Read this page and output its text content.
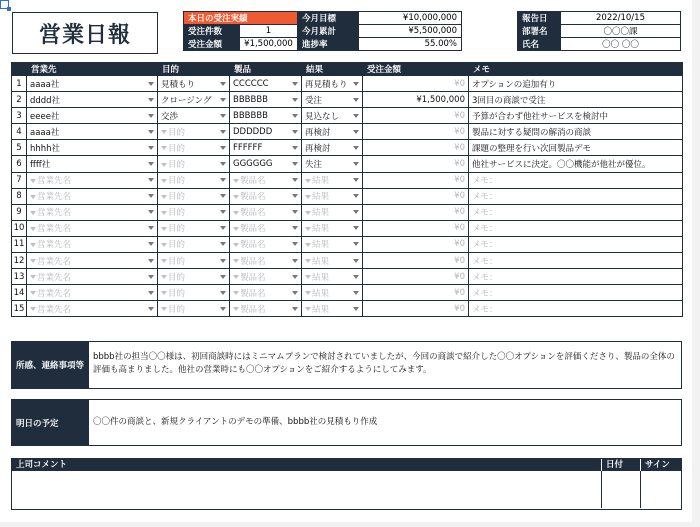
営業日報
本日の受注実績		今月目標	¥10,000,000
受注件数	1	今月累計	¥5,500,000
受注金額	¥1,500,000	進捗率	55.00%
報告日	2022/10/15
部署名	〇〇〇課
氏名	〇〇 〇〇
	営業先	目的	製品	結果	受注金額	メモ
1	aaaa社	見積もり	CCCCCC	再見積もり	¥0	オプションの追加有り
2	dddd社	クロージング	BBBBBB	受注	¥1,500,000	3回目の商談で受注
3	eeee社	交渉	BBBBBB	見込なし	¥0	予算が合わず他社サービスを検討中
4	aaaa社	目的	DDDDDD	再検討	¥0	製品に対する疑問の解消の商談
5	hhhh社	目的	FFFFFF	再検討	¥0	課題の整理を行い次回製品デモ
6	ffff社	目的	GGGGGG	失注	¥0	他社サービスに決定。〇〇機能が他社が優位。
7	営業先名	目的	製品名	結果	¥0	メモ：
8	営業先名	目的	製品名	結果	¥0	メモ：
9	営業先名	目的	製品名	結果	¥0	メモ：
10	営業先名	目的	製品名	結果	¥0	メモ：
11	営業先名	目的	製品名	結果	¥0	メモ：
12	営業先名	目的	製品名	結果	¥0	メモ：
13	営業先名	目的	製品名	結果	¥0	メモ：
14	営業先名	目的	製品名	結果	¥0	メモ：
15	営業先名	目的	製品名	結果	¥0	メモ：
所感、連絡事項等
bbbb社の担当〇〇様は、初回商談時にはミニマムプランで検討されていましたが、今回の商談で紹介した〇〇オプションを評価くださり、製品の全体の評価も高まりました。他社の営業時にも〇〇オプションをご紹介するようにしてみます。
明日の予定	〇〇件の商談と、新規クライアントのデモの準備、bbbb社の見積もり作成
上司コメント	日付	サイン
